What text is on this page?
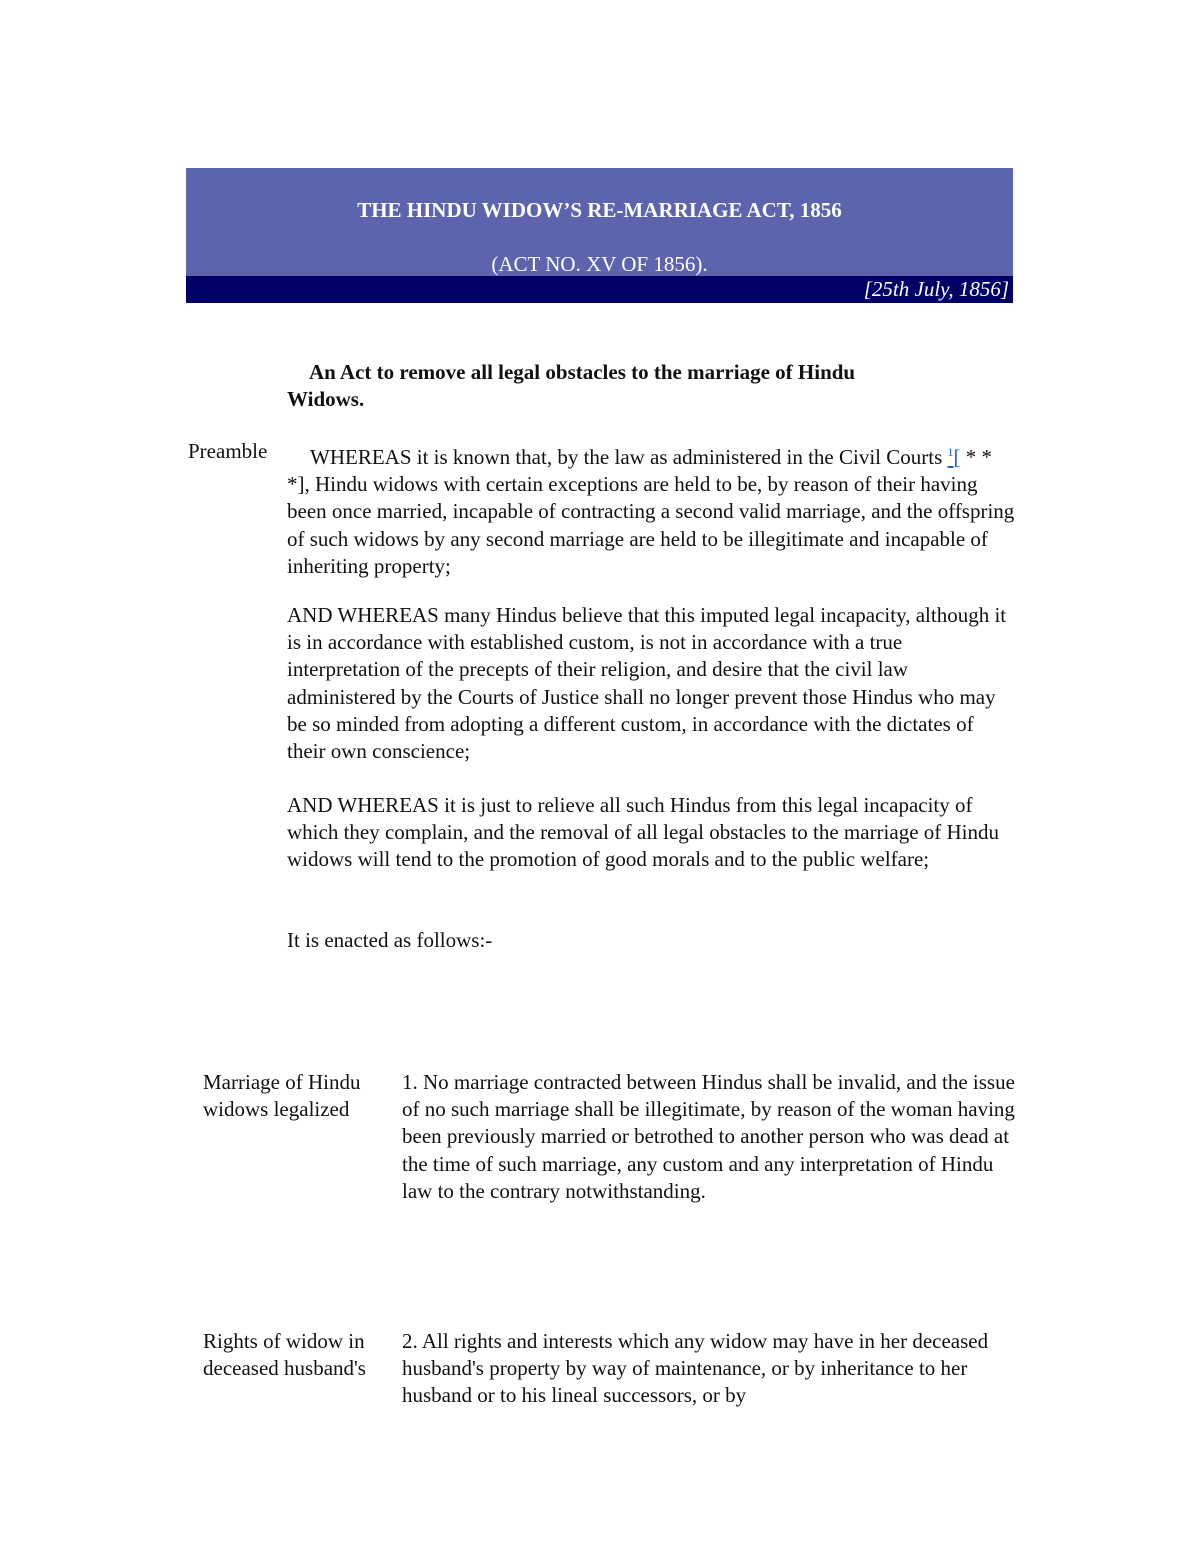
THE HINDU WIDOW’S RE-MARRIAGE ACT, 1856
(ACT NO. XV OF 1856).
[25th July, 1856]
An Act to remove all legal obstacles to the marriage of Hindu Widows.
Preamble	WHEREAS it is known that, by the law as administered in the Civil Courts $^1$[ * * *], Hindu widows with certain exceptions are held to be, by reason of their having been once married, incapable of contracting a second valid marriage, and the offspring of such widows by any second marriage are held to be illegitimate and incapable of inheriting property;

AND WHEREAS many Hindus believe that this imputed legal incapacity, although it is in accordance with established custom, is not in accordance with a true interpretation of the precepts of their religion, and desire that the civil law administered by the Courts of Justice shall no longer prevent those Hindus who may be so minded from adopting a different custom, in accordance with the dictates of their own conscience;
AND WHEREAS it is just to relieve all such Hindus from this legal incapacity of which they complain, and the removal of all legal obstacles to the marriage of Hindu widows will tend to the promotion of good morals and to the public welfare;
It is enacted as follows:-
Marriage of Hindu widows legalized
1. No marriage contracted between Hindus shall be invalid, and the issue of no such marriage shall be illegitimate, by reason of the woman having been previously married or betrothed to another person who was dead at the time of such marriage, any custom and any interpretation of Hindu law to the contrary notwithstanding.
Rights of widow in deceased husband's
2. All rights and interests which any widow may have in her deceased husband's property by way of maintenance, or by inheritance to her husband or to his lineal successors, or by
